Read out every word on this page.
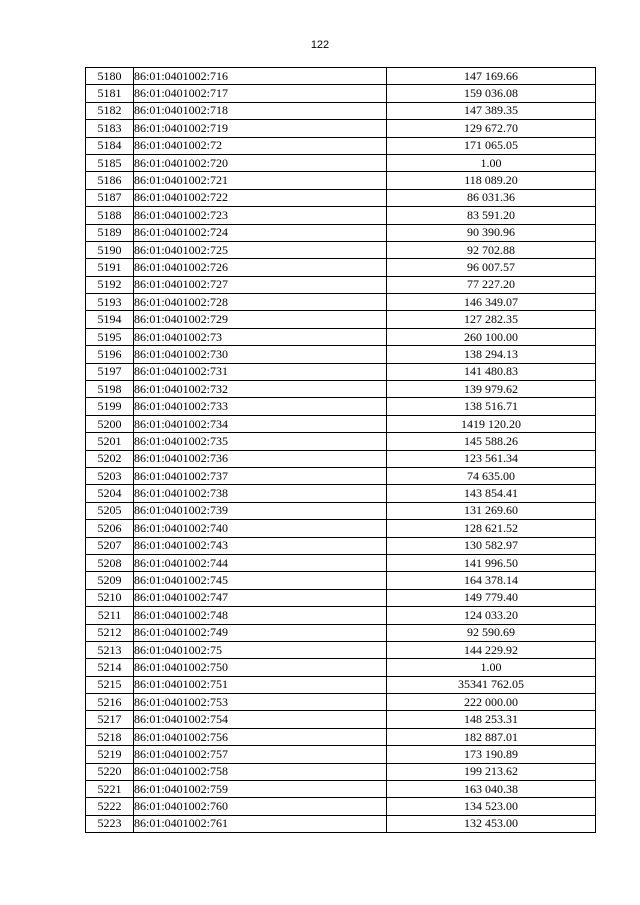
122
5180	86:01:0401002:716	147 169.66
5181	86:01:0401002:717	159 036.08
5182	86:01:0401002:718	147 389.35
5183	86:01:0401002:719	129 672.70
5184	86:01:0401002:72	171 065.05
5185	86:01:0401002:720	1.00
5186	86:01:0401002:721	118 089.20
5187	86:01:0401002:722	86 031.36
5188	86:01:0401002:723	83 591.20
5189	86:01:0401002:724	90 390.96
5190	86:01:0401002:725	92 702.88
5191	86:01:0401002:726	96 007.57
5192	86:01:0401002:727	77 227.20
5193	86:01:0401002:728	146 349.07
5194	86:01:0401002:729	127 282.35
5195	86:01:0401002:73	260 100.00
5196	86:01:0401002:730	138 294.13
5197	86:01:0401002:731	141 480.83
5198	86:01:0401002:732	139 979.62
5199	86:01:0401002:733	138 516.71
5200	86:01:0401002:734	1419 120.20
5201	86:01:0401002:735	145 588.26
5202	86:01:0401002:736	123 561.34
5203	86:01:0401002:737	74 635.00
5204	86:01:0401002:738	143 854.41
5205	86:01:0401002:739	131 269.60
5206	86:01:0401002:740	128 621.52
5207	86:01:0401002:743	130 582.97
5208	86:01:0401002:744	141 996.50
5209	86:01:0401002:745	164 378.14
5210	86:01:0401002:747	149 779.40
5211	86:01:0401002:748	124 033.20
5212	86:01:0401002:749	92 590.69
5213	86:01:0401002:75	144 229.92
5214	86:01:0401002:750	1.00
5215	86:01:0401002:751	35341 762.05
5216	86:01:0401002:753	222 000.00
5217	86:01:0401002:754	148 253.31
5218	86:01:0401002:756	182 887.01
5219	86:01:0401002:757	173 190.89
5220	86:01:0401002:758	199 213.62
5221	86:01:0401002:759	163 040.38
5222	86:01:0401002:760	134 523.00
5223	86:01:0401002:761	132 453.00
